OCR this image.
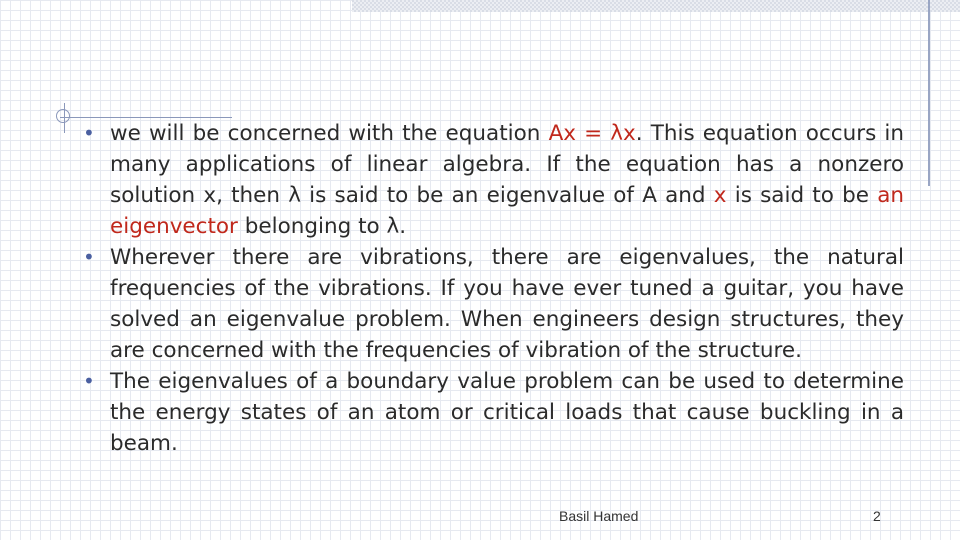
• we will be concerned with the equation Ax = λx. This equation occurs in many applications of linear algebra. If the equation has a nonzero solution x, then λ is said to be an eigenvalue of A and x is said to be an eigenvector belonging to λ.
• Wherever there are vibrations, there are eigenvalues, the natural frequencies of the vibrations. If you have ever tuned a guitar, you have solved an eigenvalue problem. When engineers design structures, they are concerned with the frequencies of vibration of the structure.
• The eigenvalues of a boundary value problem can be used to determine the energy states of an atom or critical loads that cause buckling in a beam.
Basil Hamed	2
